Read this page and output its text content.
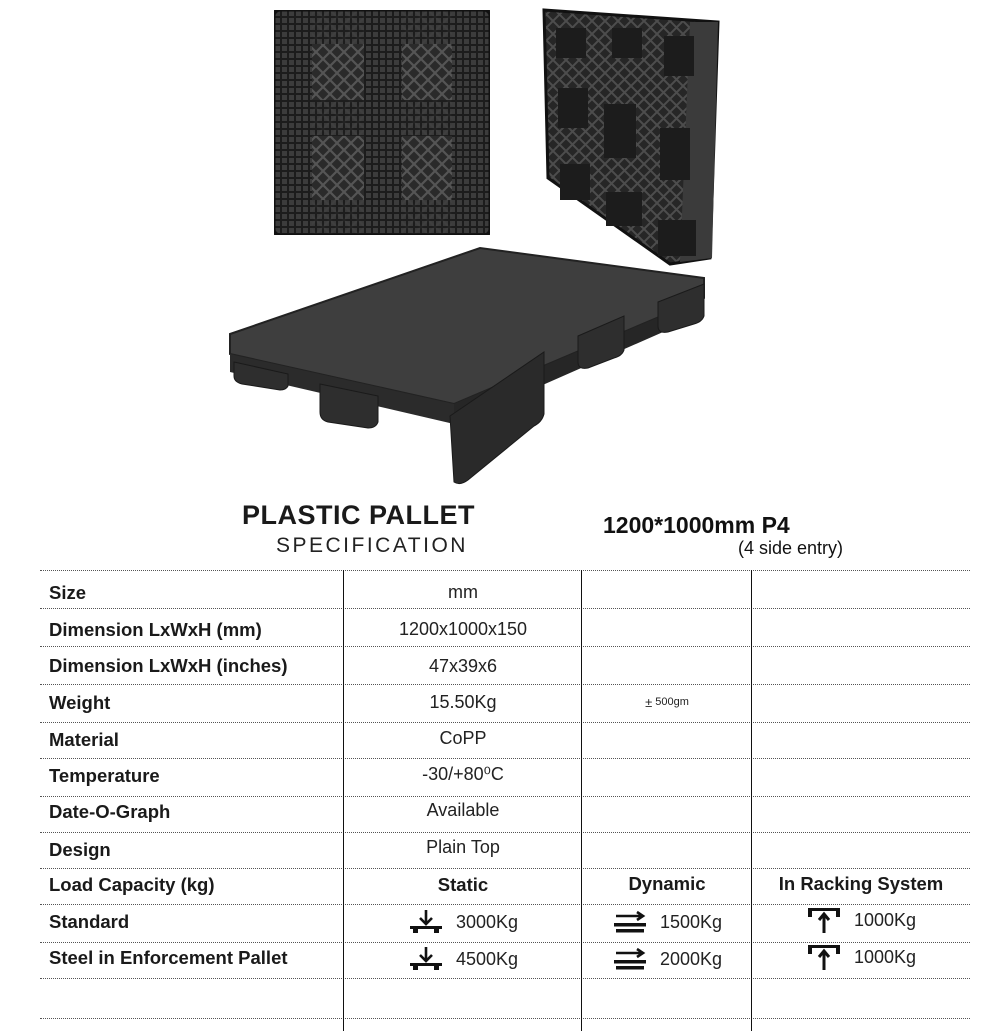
PLASTIC PALLET
SPECIFICATION
1200*1000mm P4
(4 side entry)
Size	mm
Dimension LxWxH (mm)	1200x1000x150
Dimension LxWxH (inches)	47x39x6
Weight	15.50Kg	± 500gm
Material	CoPP
Temperature	-30/+80⁰C
Date-O-Graph	Available
Design	Plain Top
Load Capacity (kg)	Static	Dynamic	In Racking System
Standard	3000Kg	1500Kg	1000Kg
Steel in Enforcement Pallet	4500Kg	2000Kg	1000Kg
